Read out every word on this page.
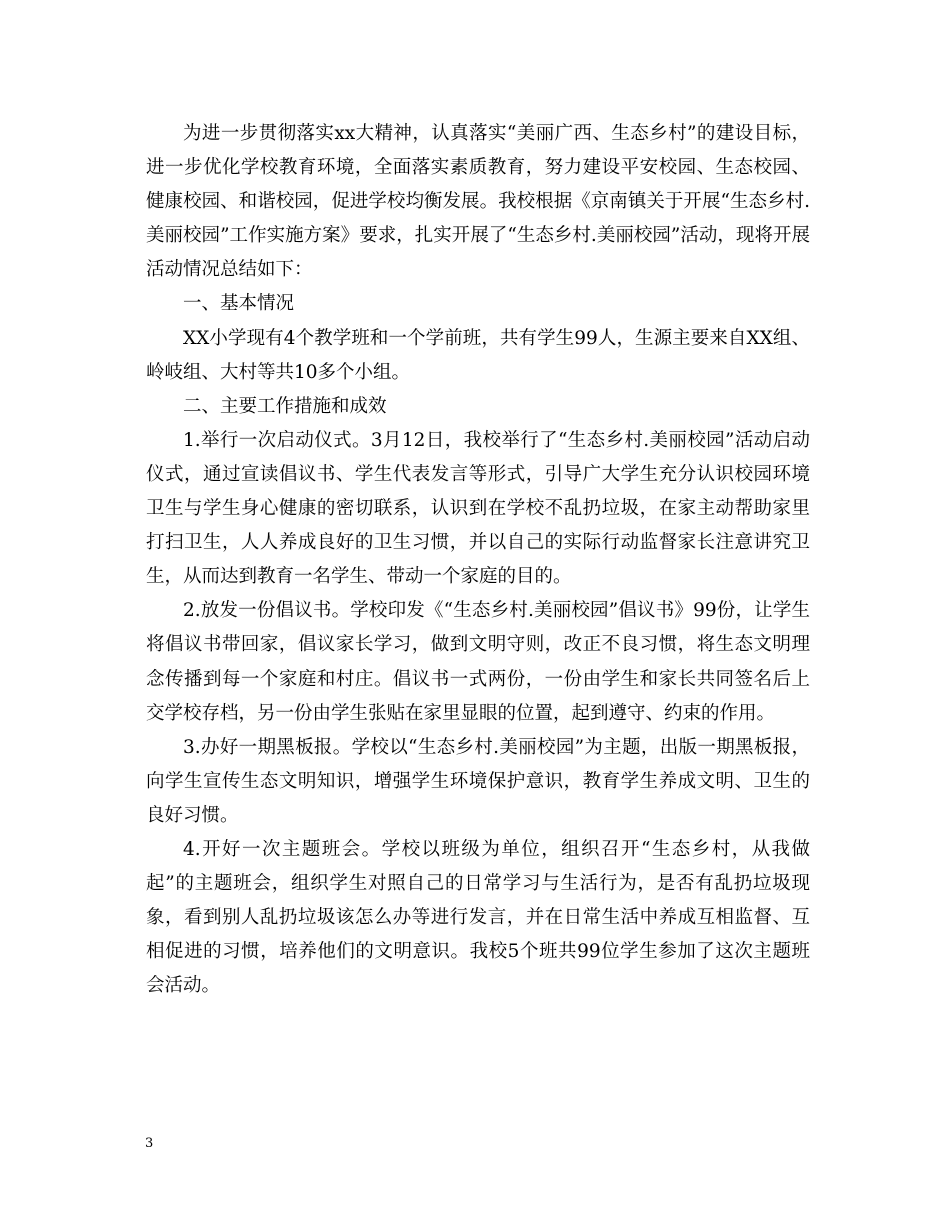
为进一步贯彻落实xx大精神，认真落实“美丽广西、生态乡村”的建设目标，进一步优化学校教育环境，全面落实素质教育，努力建设平安校园、生态校园、健康校园、和谐校园，促进学校均衡发展。我校根据《京南镇关于开展“生态乡村.美丽校园”工作实施方案》要求，扎实开展了“生态乡村.美丽校园”活动，现将开展活动情况总结如下：

一、基本情况

XX小学现有4个教学班和一个学前班，共有学生99人，生源主要来自XX组、岭岐组、大村等共10多个小组。

二、主要工作措施和成效

1.举行一次启动仪式。3月12日，我校举行了“生态乡村.美丽校园”活动启动仪式，通过宣读倡议书、学生代表发言等形式，引导广大学生充分认识校园环境卫生与学生身心健康的密切联系，认识到在学校不乱扔垃圾，在家主动帮助家里打扫卫生，人人养成良好的卫生习惯，并以自己的实际行动监督家长注意讲究卫生，从而达到教育一名学生、带动一个家庭的目的。

2.放发一份倡议书。学校印发《“生态乡村.美丽校园”倡议书》99份，让学生将倡议书带回家，倡议家长学习，做到文明守则，改正不良习惯，将生态文明理念传播到每一个家庭和村庄。倡议书一式两份，一份由学生和家长共同签名后上交学校存档，另一份由学生张贴在家里显眼的位置，起到遵守、约束的作用。

3.办好一期黑板报。学校以“生态乡村.美丽校园”为主题，出版一期黑板报，向学生宣传生态文明知识，增强学生环境保护意识，教育学生养成文明、卫生的良好习惯。

4.开好一次主题班会。学校以班级为单位，组织召开“生态乡村，从我做起”的主题班会，组织学生对照自己的日常学习与生活行为，是否有乱扔垃圾现象，看到别人乱扔垃圾该怎么办等进行发言，并在日常生活中养成互相监督、互相促进的习惯，培养他们的文明意识。我校5个班共99位学生参加了这次主题班会活动。

3
